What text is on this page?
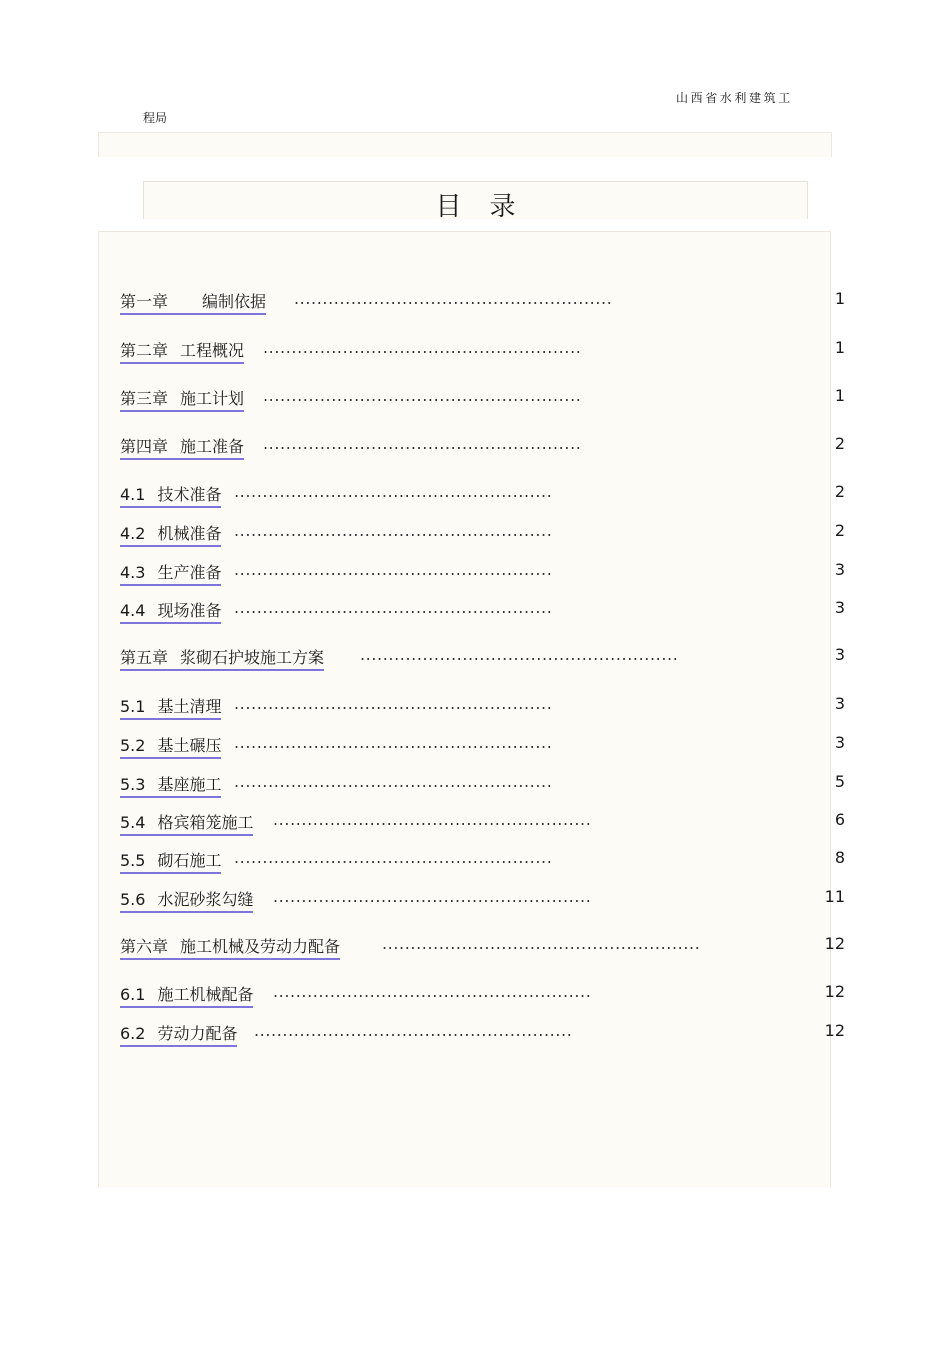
山西省水利建筑工
程局
目录
第一章 编制依据 ........................................................	1
第二章 工程概况 ........................................................	1
第三章 施工计划 ........................................................	1
第四章 施工准备 ........................................................	2
4.1 技术准备 ........................................................	2
4.2 机械准备 ........................................................	2
4.3 生产准备 ........................................................	3
4.4 现场准备 ........................................................	3
第五章 浆砌石护坡施工方案 ........................................................	3
5.1 基土清理 ........................................................	3
5.2 基土碾压 ........................................................	3
5.3 基座施工 ........................................................	5
5.4 格宾箱笼施工 ........................................................	6
5.5 砌石施工 ........................................................	8
5.6 水泥砂浆勾缝 ........................................................	11
第六章 施工机械及劳动力配备	........................................................	12
6.1 施工机械配备 ........................................................	12
6.2 劳动力配备 ........................................................	12
